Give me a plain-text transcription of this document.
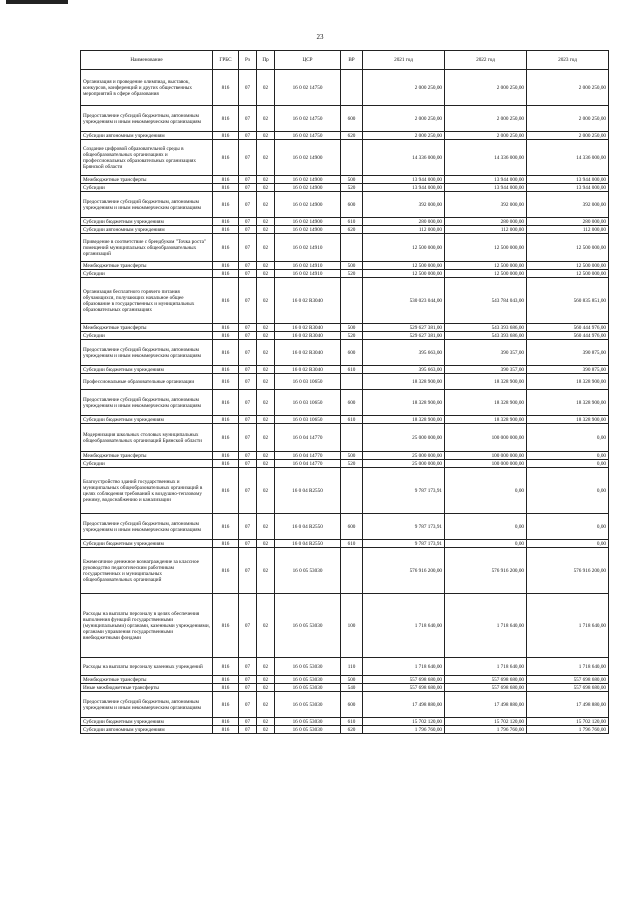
23
Наименование	ГРБС	Рз	Пр	ЦСР	ВР	2021 год	2022 год	2023 год
Организация и проведение олимпиад, выставок, конкурсов, конференций и других общественных мероприятий в сфере образования	816	07	02	16 0 02 14750		2 000 250,00	2 000 250,00	2 000 250,00
Предоставление субсидий бюджетным, автономным учреждениям и иным некоммерческим организациям	816	07	02	16 0 02 14750	600	2 000 250,00	2 000 250,00	2 000 250,00
Субсидии автономным учреждениям	816	07	02	16 0 02 14750	620	2 000 250,00	2 000 250,00	2 000 250,00
Создание цифровой образовательной среды в общеобразовательных организациях и профессиональных образовательных организациях Брянской области	816	07	02	16 0 02 14900		14 336 000,00	14 336 000,00	14 336 000,00
Межбюджетные трансферты	816	07	02	16 0 02 14900	500	13 944 000,00	13 944 000,00	13 944 000,00
Субсидии	816	07	02	16 0 02 14900	520	13 944 000,00	13 944 000,00	13 944 000,00
Предоставление субсидий бюджетным, автономным учреждениям и иным некоммерческим организациям	816	07	02	16 0 02 14900	600	392 000,00	392 000,00	392 000,00
Субсидии бюджетным учреждениям	816	07	02	16 0 02 14900	610	280 000,00	280 000,00	280 000,00
Субсидии автономным учреждениям	816	07	02	16 0 02 14900	620	112 000,00	112 000,00	112 000,00
Приведение в соответствие с брендбуком "Точка роста" помещений муниципальных общеобразовательных организаций	816	07	02	16 0 02 14910		12 500 000,00	12 500 000,00	12 500 000,00
Межбюджетные трансферты	816	07	02	16 0 02 14910	500	12 500 000,00	12 500 000,00	12 500 000,00
Субсидии	816	07	02	16 0 02 14910	520	12 500 000,00	12 500 000,00	12 500 000,00
Организация бесплатного горячего питания обучающихся, получающих начальное общее образование в государственных и муниципальных образовательных организациях	816	07	02	16 0 02 R3040		530 023 044,00	543 784 043,00	560 835 851,00
Межбюджетные трансферты	816	07	02	16 0 02 R3040	500	529 627 381,00	543 393 686,00	560 444 976,00
Субсидии	816	07	02	16 0 02 R3040	520	529 627 381,00	543 393 686,00	560 444 976,00
Предоставление субсидий бюджетным, автономным учреждениям и иным некоммерческим организациям	816	07	02	16 0 02 R3040	600	395 663,00	390 357,00	390 875,00
Субсидии бюджетным учреждениям	816	07	02	16 0 02 R3040	610	395 663,00	390 357,00	390 875,00
Профессиональные образовательные организации	816	07	02	16 0 03 10650		18 328 900,00	18 328 900,00	18 328 900,00
Предоставление субсидий бюджетным, автономным учреждениям и иным некоммерческим организациям	816	07	02	16 0 03 10650	600	18 328 900,00	18 328 900,00	18 328 900,00
Субсидии бюджетным учреждениям	816	07	02	16 0 03 10650	610	18 328 900,00	18 328 900,00	18 328 900,00
Модернизация школьных столовых муниципальных общеобразовательных организаций Брянской области	816	07	02	16 0 04 14770		25 000 000,00	100 000 000,00	0,00
Межбюджетные трансферты	816	07	02	16 0 04 14770	500	25 000 000,00	100 000 000,00	0,00
Субсидии	816	07	02	16 0 04 14770	520	25 000 000,00	100 000 000,00	0,00
Благоустройство зданий государственных и муниципальных общеобразовательных организаций в целях соблюдения требований к воздушно-тепловому режиму, водоснабжению и канализации	816	07	02	16 0 04 R2550		9 787 173,91	0,00	0,00
Предоставление субсидий бюджетным, автономным учреждениям и иным некоммерческим организациям	816	07	02	16 0 04 R2550	600	9 787 173,91	0,00	0,00
Субсидии бюджетным учреждениям	816	07	02	16 0 04 R2550	610	9 787 173,91	0,00	0,00
Ежемесячное денежное вознаграждение за классное руководство педагогическим работникам государственных и муниципальных общеобразовательных организаций	816	07	02	16 0 05 53030		576 916 200,00	576 916 200,00	576 916 200,00
Расходы на выплаты персоналу в целях обеспечения выполнения функций государственными (муниципальными) органами, казенными учреждениями, органами управления государственными внебюджетными фондами	816	07	02	16 0 05 53030	100	1 718 640,00	1 718 640,00	1 718 640,00
Расходы на выплаты персоналу казенных учреждений	816	07	02	16 0 05 53030	110	1 718 640,00	1 718 640,00	1 718 640,00
Межбюджетные трансферты	816	07	02	16 0 05 53030	500	557 698 680,00	557 698 680,00	557 698 680,00
Иные межбюджетные трансферты	816	07	02	16 0 05 53030	540	557 698 680,00	557 698 680,00	557 698 680,00
Предоставление субсидий бюджетным, автономным учреждениям и иным некоммерческим организациям	816	07	02	16 0 05 53030	600	17 498 880,00	17 498 880,00	17 498 880,00
Субсидии бюджетным учреждениям	816	07	02	16 0 05 53030	610	15 702 120,00	15 702 120,00	15 702 120,00
Субсидии автономным учреждениям	816	07	02	16 0 05 53030	620	1 796 760,00	1 796 760,00	1 796 760,00
